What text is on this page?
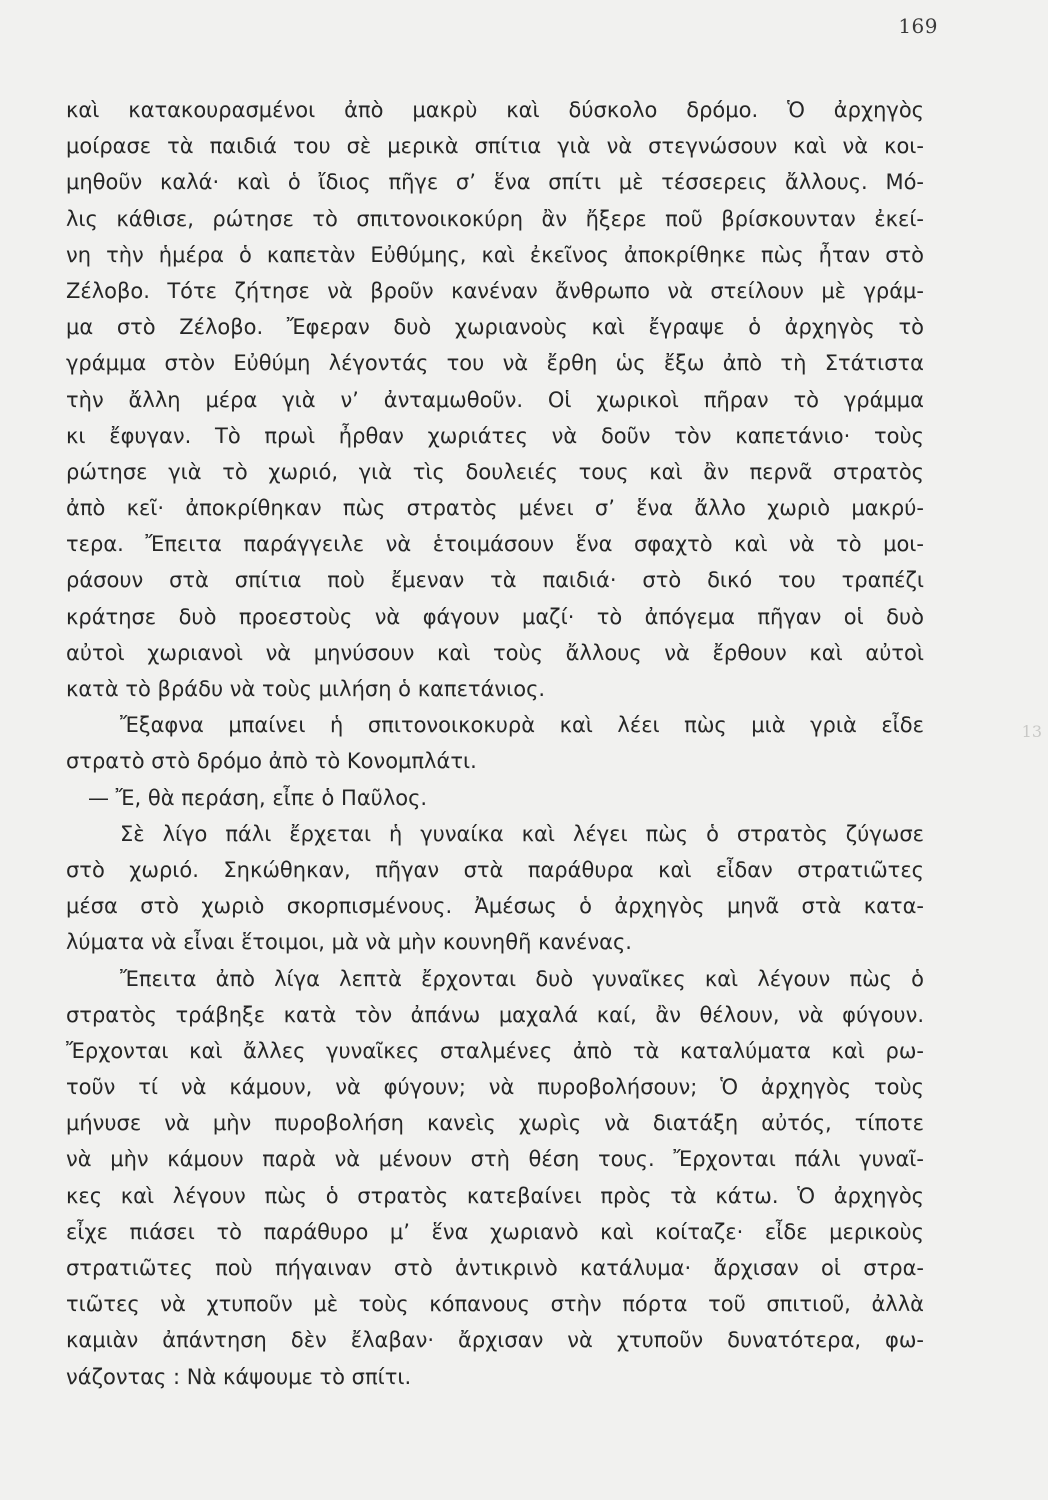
169
καὶ κατακουρασμένοι ἀπὸ μακρὺ καὶ δύσκολο δρόμο. Ὁ ἀρχηγὸς
μοίρασε τὰ παιδιά του σὲ μερικὰ σπίτια γιὰ νὰ στεγνώσουν καὶ νὰ κοι-
μηθοῦν καλά· καὶ ὁ ἴδιος πῆγε σ’ ἕνα σπίτι μὲ τέσσερεις ἄλλους. Μό-
λις κάθισε, ρώτησε τὸ σπιτονοικοκύρη ἂν ἤξερε ποῦ βρίσκουνταν ἐκεί-
νη τὴν ἡμέρα ὁ καπετὰν Εὐθύμης, καὶ ἐκεῖνος ἀποκρίθηκε πὼς ἦταν στὸ
Ζέλοβο. Τότε ζήτησε νὰ βροῦν κανέναν ἄνθρωπο νὰ στείλουν μὲ γράμ-
μα στὸ Ζέλοβο. Ἔφεραν δυὸ χωριανοὺς καὶ ἔγραψε ὁ ἀρχηγὸς τὸ
γράμμα στὸν Εὐθύμη λέγοντάς του νὰ ἔρθη ὡς ἔξω ἀπὸ τὴ Στάτιστα
τὴν ἄλλη μέρα γιὰ ν’ ἀνταμωθοῦν. Οἱ χωρικοὶ πῆραν τὸ γράμμα
κι ἔφυγαν. Τὸ πρωὶ ἦρθαν χωριάτες νὰ δοῦν τὸν καπετάνιο· τοὺς
ρώτησε γιὰ τὸ χωριό, γιὰ τὶς δουλειές τους καὶ ἂν περνᾶ στρατὸς
ἀπὸ κεῖ· ἀποκρίθηκαν πὼς στρατὸς μένει σ’ ἕνα ἄλλο χωριὸ μακρύ-
τερα. Ἔπειτα παράγγειλε νὰ ἑτοιμάσουν ἕνα σφαχτὸ καὶ νὰ τὸ μοι-
ράσουν στὰ σπίτια ποὺ ἔμεναν τὰ παιδιά· στὸ δικό του τραπέζι
κράτησε δυὸ προεστοὺς νὰ φάγουν μαζί· τὸ ἀπόγεμα πῆγαν οἱ δυὸ
αὐτοὶ χωριανοὶ νὰ μηνύσουν καὶ τοὺς ἄλλους νὰ ἔρθουν καὶ αὐτοὶ
κατὰ τὸ βράδυ νὰ τοὺς μιλήση ὁ καπετάνιος.
Ἔξαφνα μπαίνει ἡ σπιτονοικοκυρὰ καὶ λέει πὼς μιὰ γριὰ εἶδε
στρατὸ στὸ δρόμο ἀπὸ τὸ Κονομπλάτι.
— Ἔ, θὰ περάση, εἶπε ὁ Παῦλος.
Σὲ λίγο πάλι ἔρχεται ἡ γυναίκα καὶ λέγει πὼς ὁ στρατὸς ζύγωσε
στὸ χωριό. Σηκώθηκαν, πῆγαν στὰ παράθυρα καὶ εἶδαν στρατιῶτες
μέσα στὸ χωριὸ σκορπισμένους. Ἀμέσως ὁ ἀρχηγὸς μηνᾶ στὰ κατα-
λύματα νὰ εἶναι ἕτοιμοι, μὰ νὰ μὴν κουνηθῆ κανένας.
Ἔπειτα ἀπὸ λίγα λεπτὰ ἔρχονται δυὸ γυναῖκες καὶ λέγουν πὼς ὁ
στρατὸς τράβηξε κατὰ τὸν ἀπάνω μαχαλά καί, ἂν θέλουν, νὰ φύγουν.
Ἔρχονται καὶ ἄλλες γυναῖκες σταλμένες ἀπὸ τὰ καταλύματα καὶ ρω-
τοῦν τί νὰ κάμουν, νὰ φύγουν; νὰ πυροβολήσουν; Ὁ ἀρχηγὸς τοὺς
μήνυσε νὰ μὴν πυροβολήση κανεὶς χωρὶς νὰ διατάξη αὐτός, τίποτε
νὰ μὴν κάμουν παρὰ νὰ μένουν στὴ θέση τους. Ἔρχονται πάλι γυναῖ-
κες καὶ λέγουν πὼς ὁ στρατὸς κατεβαίνει πρὸς τὰ κάτω. Ὁ ἀρχηγὸς
εἶχε πιάσει τὸ παράθυρο μ’ ἕνα χωριανὸ καὶ κοίταζε· εἶδε μερικοὺς
στρατιῶτες ποὺ πήγαιναν στὸ ἀντικρινὸ κατάλυμα· ἄρχισαν οἱ στρα-
τιῶτες νὰ χτυποῦν μὲ τοὺς κόπανους στὴν πόρτα τοῦ σπιτιοῦ, ἀλλὰ
καμιὰν ἀπάντηση δὲν ἔλαβαν· ἄρχισαν νὰ χτυποῦν δυνατότερα, φω-
νάζοντας : Νὰ κάψουμε τὸ σπίτι.
13
